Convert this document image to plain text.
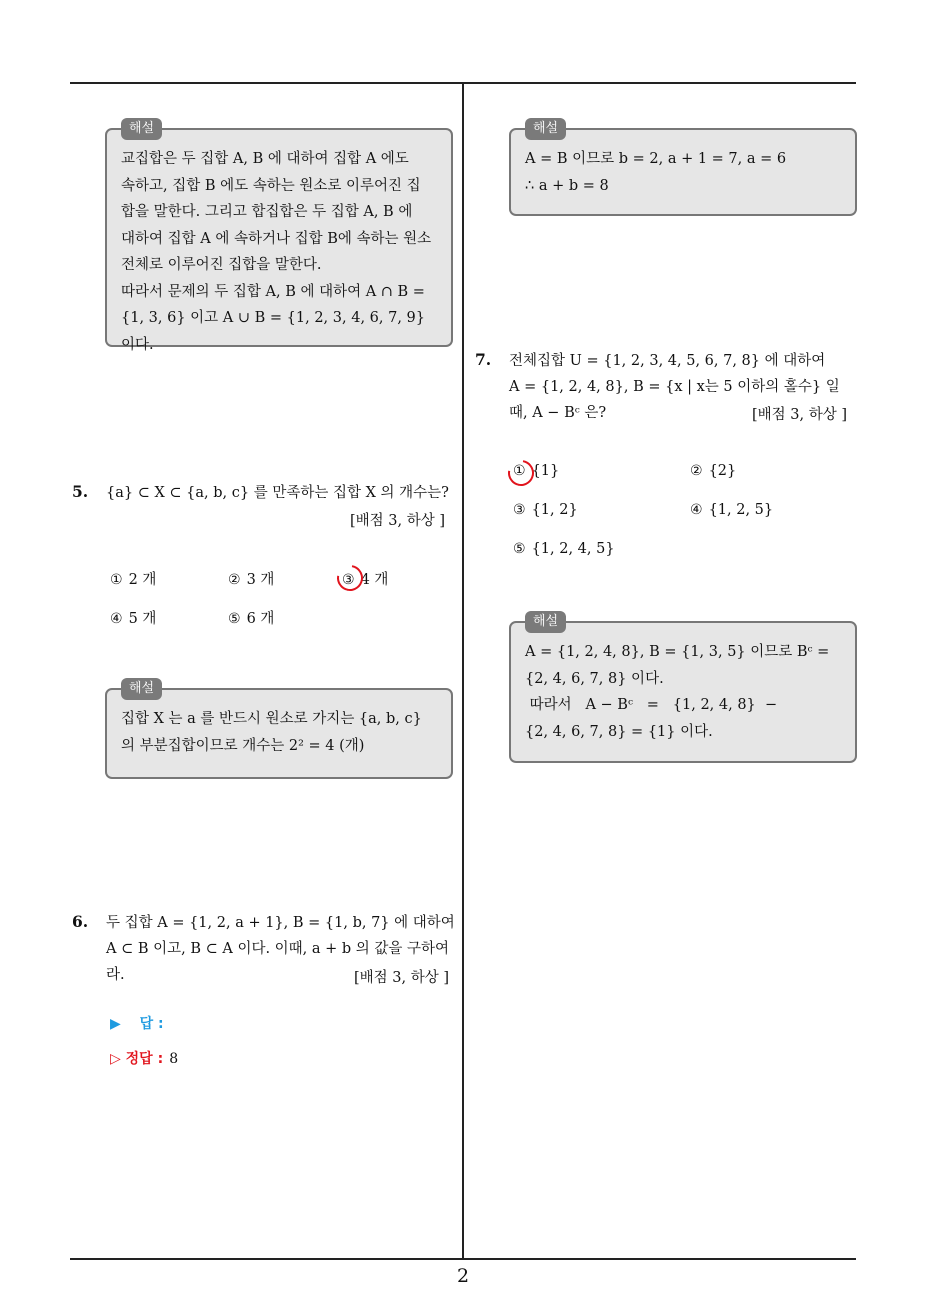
해설

교집합은 두 집합 A, B 에 대하여 집합 A 에도

속하고, 집합 B 에도 속하는 원소로 이루어진 집

합을 말한다. 그리고 합집합은 두 집합 A, B 에

대하여 집합 A 에 속하거나 집합 B에 속하는 원소

전체로 이루어진 집합을 말한다.

따라서 문제의 두 집합 A, B 에 대하여 A ∩ B =

{1, 3, 6} 이고 A ∪ B = {1, 2, 3, 4, 6, 7, 9} 이다.

5. {a} ⊂ X ⊂ {a, b, c} 를 만족하는 집합 X 의 개수는?
[배점 3, 하상 ]
① 2 개	② 3 개	③ 4 개
④ 5 개	⑤ 6 개
해설

집합 X 는 a 를 반드시 원소로 가지는 {a, b, c}

의 부분집합이므로 개수는 2² = 4 (개)

6. 두 집합 A = {1, 2, a + 1}, B = {1, b, 7} 에 대하여
A ⊂ B 이고, B ⊂ A 이다. 이때, a + b 의 값을 구하여
라.	[배점 3, 하상 ]
▶ 답 :
▷ 정답 : 8
해설

A = B 이므로 b = 2, a + 1 = 7, a = 6

∴ a + b = 8

7. 전체집합 U = {1, 2, 3, 4, 5, 6, 7, 8} 에 대하여
A = {1, 2, 4, 8}, B = {x | x는 5 이하의 홀수} 일
때, A − Bᶜ 은?	[배점 3, 하상 ]
① {1}	② {2}
③ {1, 2}	④ {1, 2, 5}
⑤ {1, 2, 4, 5}
해설

A = {1, 2, 4, 8}, B = {1, 3, 5} 이므로 Bᶜ =

{2, 4, 6, 7, 8} 이다.

따라서   A − Bᶜ   =   {1, 2, 4, 8}  −

{2, 4, 6, 7, 8} = {1} 이다.

2
